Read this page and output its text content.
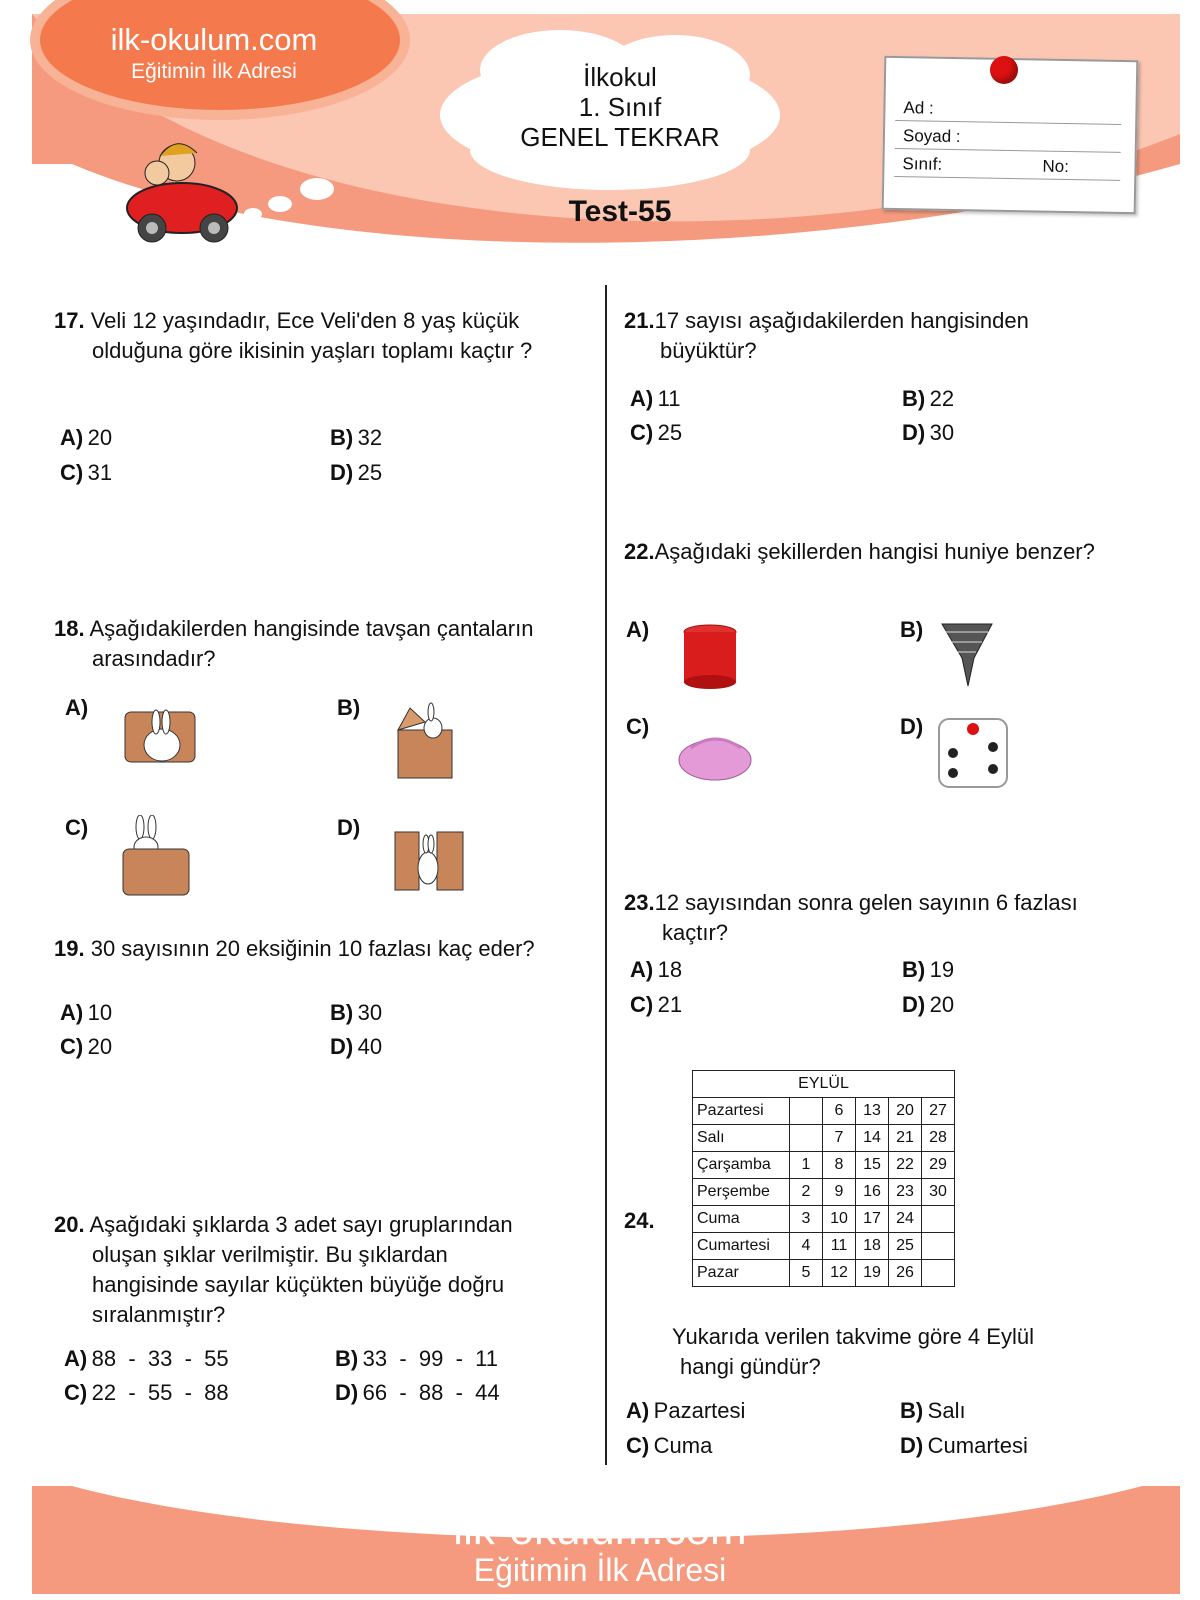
ilk-okulum.com
Eğitimin İlk Adresi	İlkokul
1. Sınıf
GENEL TEKRAR
Test-55
Ad :
Soyad :
Sınıf:	No:
17. Veli 12 yaşındadır, Ece Veli'den 8 yaş küçük
olduğuna göre ikisinin yaşları toplamı kaçtır ?
A) 20	B) 32
C) 31	D) 25
18. Aşağıdakilerden hangisinde tavşan çantaların
arasındadır?
A)	B)
C)	D)
19. 30 sayısının 20 eksiğinin 10 fazlası kaç eder?
A) 10	B) 30
C) 20	D) 40
20. Aşağıdaki şıklarda 3 adet sayı gruplarından
oluşan şıklar verilmiştir. Bu şıklardan
hangisinde sayılar küçükten büyüğe doğru
sıralanmıştır?
A) 88  -  33  -  55	B) 33  -  99  -  11
C) 22  -  55  -  88	D) 66  -  88  -  44
21.17 sayısı aşağıdakilerden hangisinden
büyüktür?
A) 11	B) 22
C) 25	D) 30
22.Aşağıdaki şekillerden hangisi huniye benzer?
A)	B)
C)	D)
23.12 sayısından sonra gelen sayının 6 fazlası
kaçtır?
A) 18	B) 19
C) 21	D) 20
24.
EYLÜL					
Pazartesi		6	13	20	27
Salı		7	14	21	28
Çarşamba	1	8	15	22	29
Perşembe	2	9	16	23	30
Cuma	3	10	17	24	
Cumartesi	4	11	18	25	
Pazar	5	12	19	26	
Yukarıda verilen takvime göre 4 Eylül
hangi gündür?
A) Pazartesi	B) Salı
C) Cuma	D) Cumartesi
ilk-okulum.com
Eğitimin İlk Adresi
